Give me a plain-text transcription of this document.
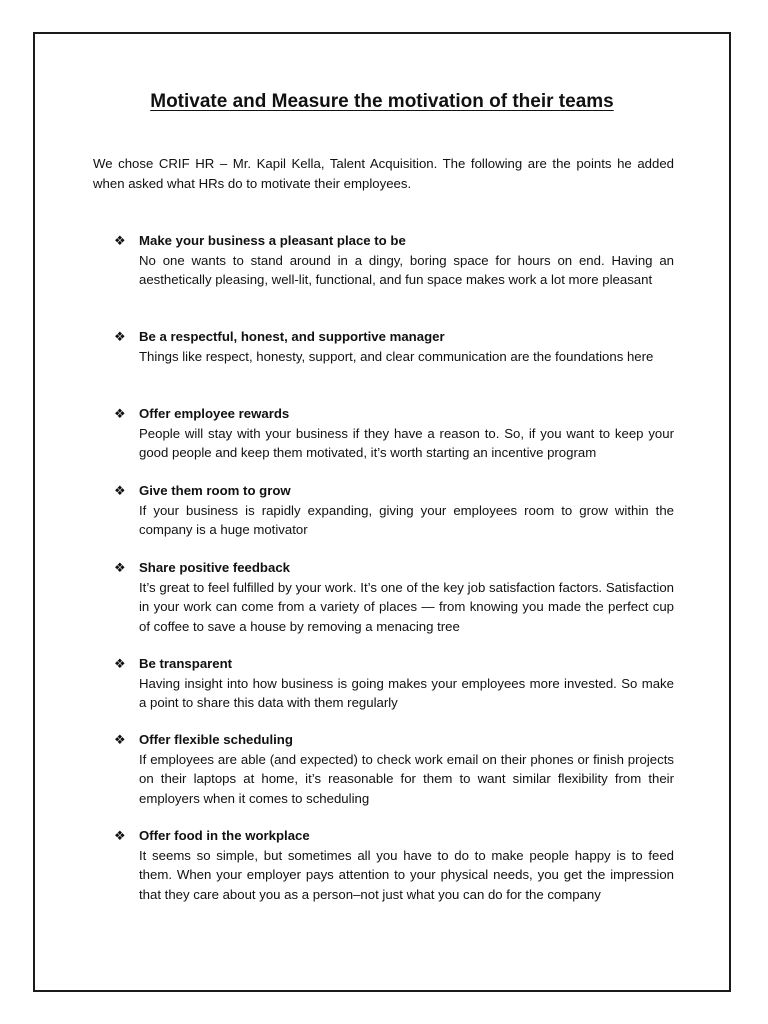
Motivate and Measure the motivation of their teams

We chose CRIF HR – Mr. Kapil Kella, Talent Acquisition. The following are the points he added when asked what HRs do to motivate their employees.

❖ Make your business a pleasant place to be
No one wants to stand around in a dingy, boring space for hours on end. Having an aesthetically pleasing, well-lit, functional, and fun space makes work a lot more pleasant
❖ Be a respectful, honest, and supportive manager
Things like respect, honesty, support, and clear communication are the foundations here
❖ Offer employee rewards
People will stay with your business if they have a reason to. So, if you want to keep your good people and keep them motivated, it’s worth starting an incentive program
❖ Give them room to grow
If your business is rapidly expanding, giving your employees room to grow within the company is a huge motivator
❖ Share positive feedback
It’s great to feel fulfilled by your work. It’s one of the key job satisfaction factors. Satisfaction in your work can come from a variety of places — from knowing you made the perfect cup of coffee to save a house by removing a menacing tree
❖ Be transparent
Having insight into how business is going makes your employees more invested. So make a point to share this data with them regularly
❖ Offer flexible scheduling
If employees are able (and expected) to check work email on their phones or finish projects on their laptops at home, it’s reasonable for them to want similar flexibility from their employers when it comes to scheduling
❖ Offer food in the workplace
It seems so simple, but sometimes all you have to do to make people happy is to feed them. When your employer pays attention to your physical needs, you get the impression that they care about you as a person–not just what you can do for the company
